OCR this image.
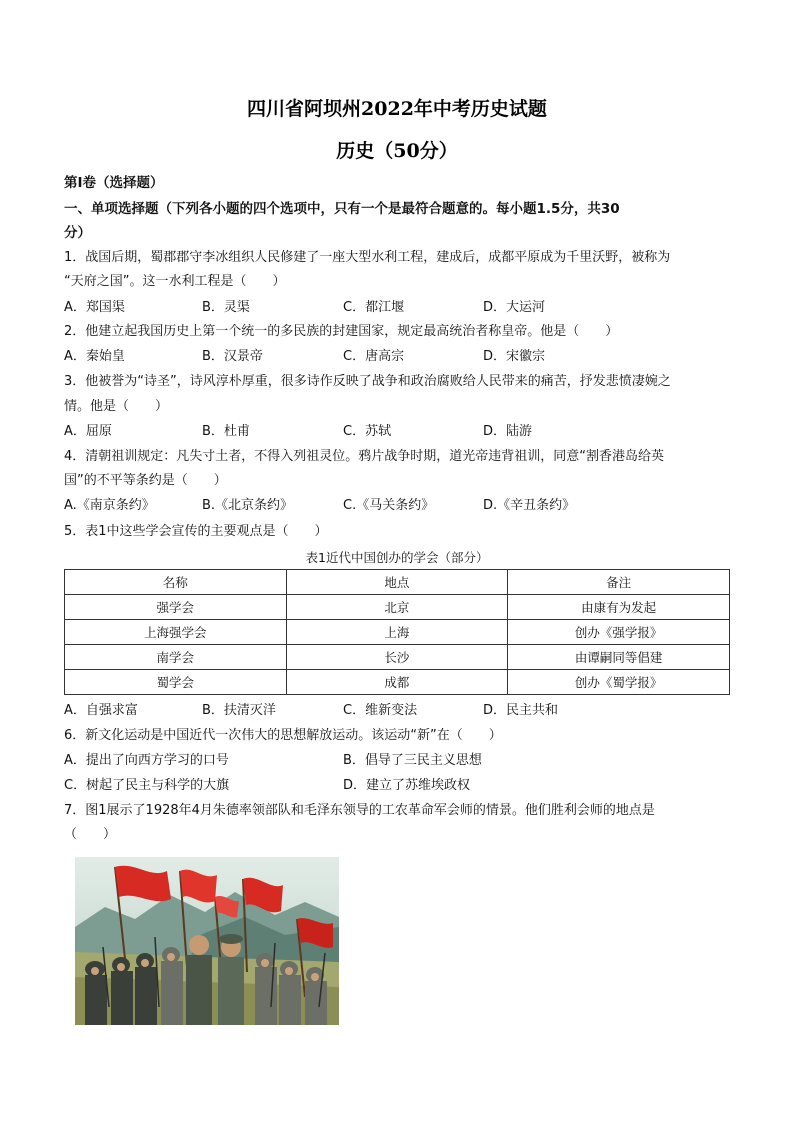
四川省阿坝州2022年中考历史试题
历史（50分）
第I卷（选择题）
一、单项选择题（下列各小题的四个选项中，只有一个是最符合题意的。每小题1.5分，共30
分）
1．战国后期，蜀郡郡守李冰组织人民修建了一座大型水利工程，建成后，成都平原成为千里沃野，被称为
“天府之国”。这一水利工程是（　　）
A．郑国渠	B．灵渠	C．都江堰	D．大运河
2．他建立起我国历史上第一个统一的多民族的封建国家，规定最高统治者称皇帝。他是（　　）
A．秦始皇	B．汉景帝	C．唐高宗	D．宋徽宗
3．他被誉为“诗圣”，诗风淳朴厚重，很多诗作反映了战争和政治腐败给人民带来的痛苦，抒发悲愤凄婉之
情。他是（　　）
A．屈原	B．杜甫	C．苏轼	D．陆游
4．清朝祖训规定：凡失寸土者，不得入列祖灵位。鸦片战争时期，道光帝违背祖训，同意“割香港岛给英
国”的不平等条约是（　　）
A.《南京条约》	B.《北京条约》	C.《马关条约》	D.《辛丑条约》
5．表1中这些学会宣传的主要观点是（　　）
表1近代中国创办的学会（部分）
名称	地点	备注
强学会	北京	由康有为发起
上海强学会	上海	创办《强学报》
南学会	长沙	由谭嗣同等倡建
蜀学会	成都	创办《蜀学报》
A．自强求富	B．扶清灭洋	C．维新变法	D．民主共和
6．新文化运动是中国近代一次伟大的思想解放运动。该运动“新”在（　　）
A．提出了向西方学习的口号	B．倡导了三民主义思想
C．树起了民主与科学的大旗	D．建立了苏维埃政权
7．图1展示了1928年4月朱德率领部队和毛泽东领导的工农革命军会师的情景。他们胜利会师的地点是
（　　）
